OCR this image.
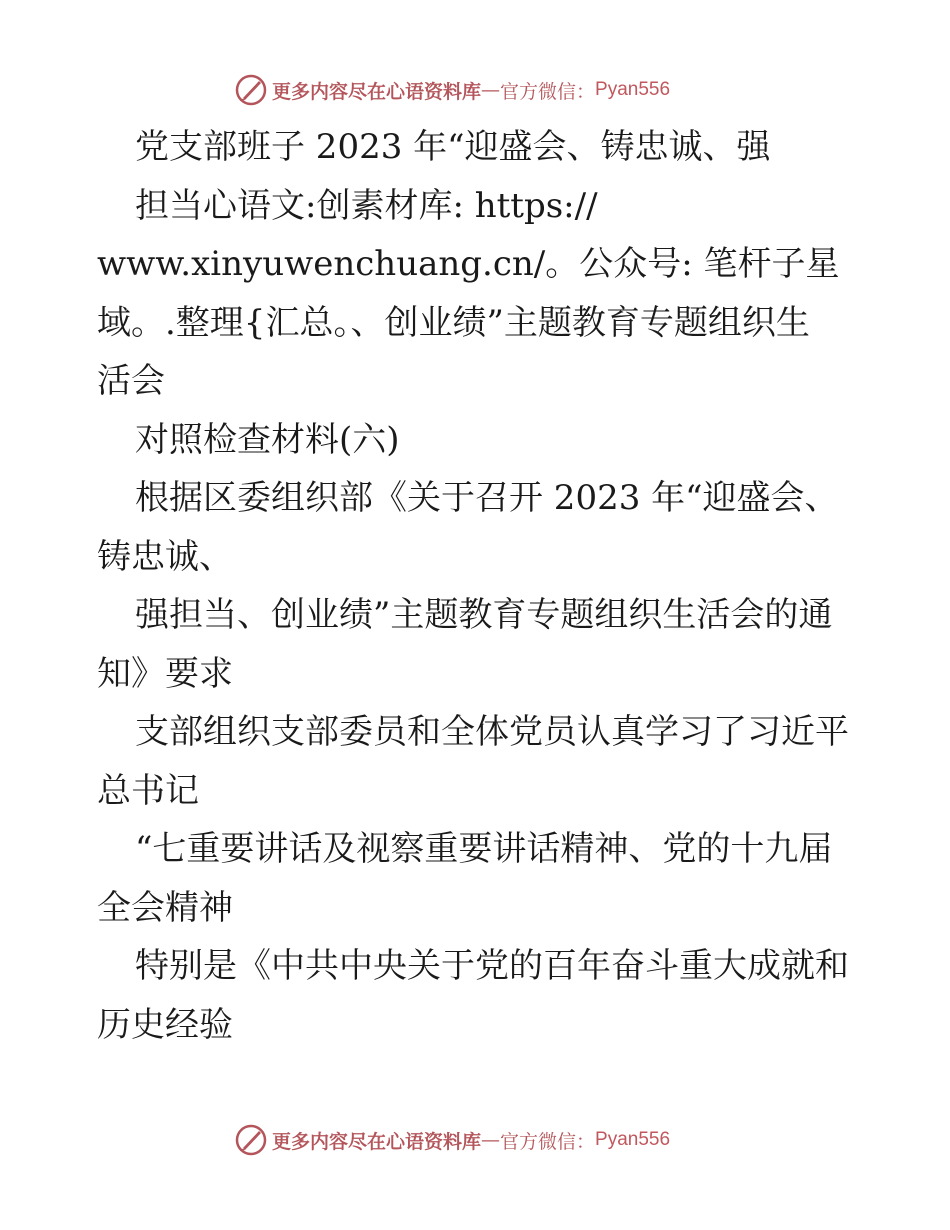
更多内容尽在心语资料库 — 官方微信： Pyan556

党支部班子 2023 年“迎盛会、铸忠诚、强

担当心语文:创素材库: https://

www.xinyuwenchuang.cn/。公众号: 笔杆子星

域。.整理{汇总。、创业绩”主题教育专题组织生

活会

对照检查材料(六)

根据区委组织部《关于召开 2023 年“迎盛会、

铸忠诚、

强担当、创业绩”主题教育专题组织生活会的通

知》要求

支部组织支部委员和全体党员认真学习了习近平

总书记

“七重要讲话及视察重要讲话精神、党的十九届

全会精神

特别是《中共中央关于党的百年奋斗重大成就和

历史经验

更多内容尽在心语资料库 — 官方微信： Pyan556
